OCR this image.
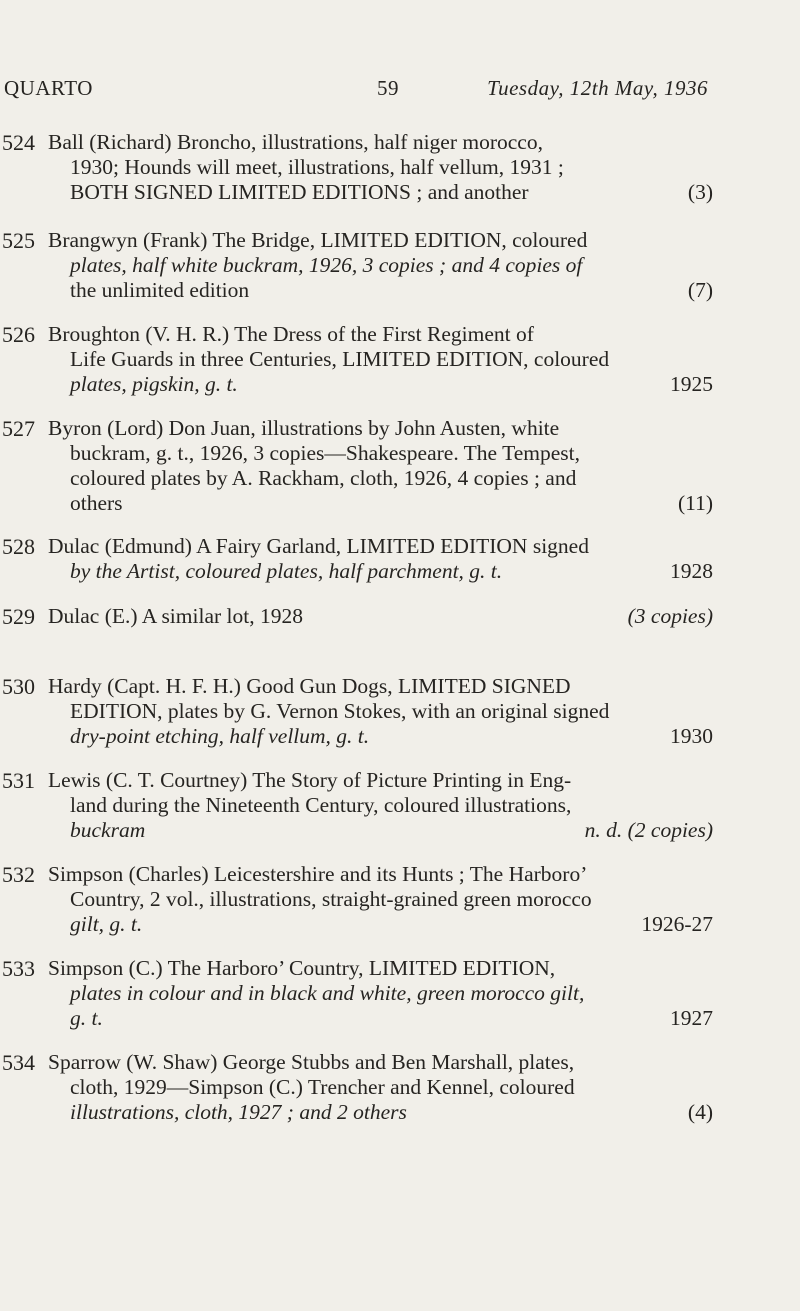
QUARTO	59	Tuesday, 12th May, 1936
524 Ball (Richard) Broncho, illustrations, half niger morocco,
1930; Hounds will meet, illustrations, half vellum, 1931 ;
BOTH SIGNED LIMITED EDITIONS ; and another	(3)
525 Brangwyn (Frank) The Bridge, LIMITED EDITION, coloured
plates, half white buckram, 1926, 3 copies ; and 4 copies of
the unlimited edition	(7)
526 Broughton (V. H. R.) The Dress of the First Regiment of
Life Guards in three Centuries, LIMITED EDITION, coloured
plates, pigskin, g. t.	1925
527 Byron (Lord) Don Juan, illustrations by John Austen, white
buckram, g. t., 1926, 3 copies—Shakespeare. The Tempest,
coloured plates by A. Rackham, cloth, 1926, 4 copies ; and
others	(11)
528 Dulac (Edmund) A Fairy Garland, LIMITED EDITION signed
by the Artist, coloured plates, half parchment, g. t.	1928
529 Dulac (E.) A similar lot, 1928	(3 copies)
530 Hardy (Capt. H. F. H.) Good Gun Dogs, LIMITED SIGNED
EDITION, plates by G. Vernon Stokes, with an original signed
dry-point etching, half vellum, g. t.	1930
531 Lewis (C. T. Courtney) The Story of Picture Printing in Eng-
land during the Nineteenth Century, coloured illustrations,
buckram	n. d. (2 copies)
532 Simpson (Charles) Leicestershire and its Hunts ; The Harboro’
Country, 2 vol., illustrations, straight-grained green morocco
gilt, g. t.	1926-27
533 Simpson (C.) The Harboro’ Country, LIMITED EDITION,
plates in colour and in black and white, green morocco gilt,
g. t.	1927
534 Sparrow (W. Shaw) George Stubbs and Ben Marshall, plates,
cloth, 1929—Simpson (C.) Trencher and Kennel, coloured
illustrations, cloth, 1927 ; and 2 others	(4)
